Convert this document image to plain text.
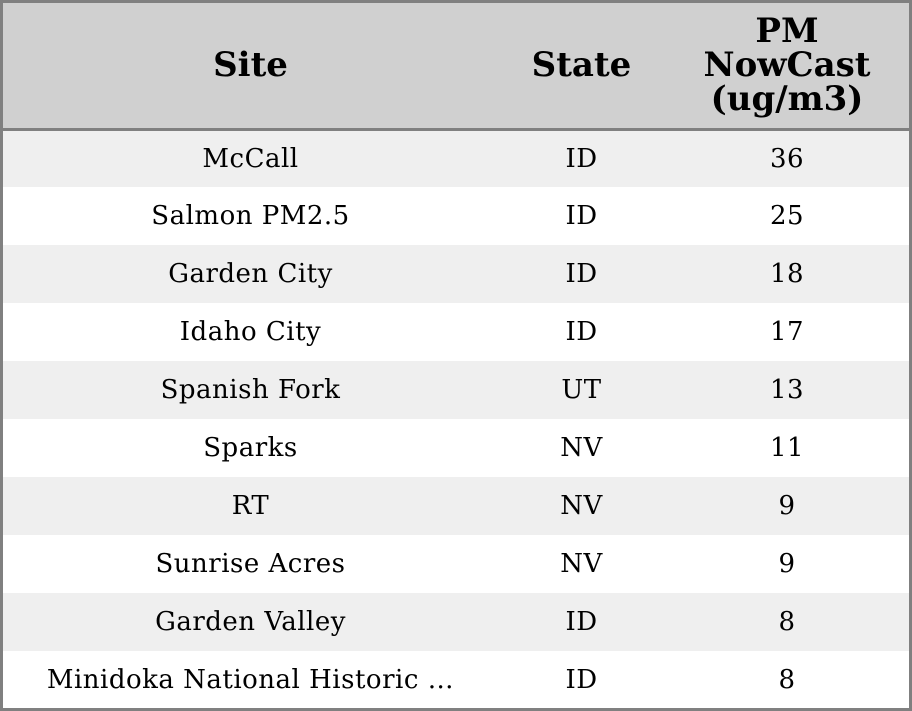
Site	State	PM
NowCast
(ug/m3)

McCall	ID	36
Salmon PM2.5	ID	25
Garden City	ID	18
Idaho City	ID	17
Spanish Fork	UT	13
Sparks	NV	11
RT	NV	9
Sunrise Acres	NV	9
Garden Valley	ID	8
Minidoka National Historic …	ID	8
